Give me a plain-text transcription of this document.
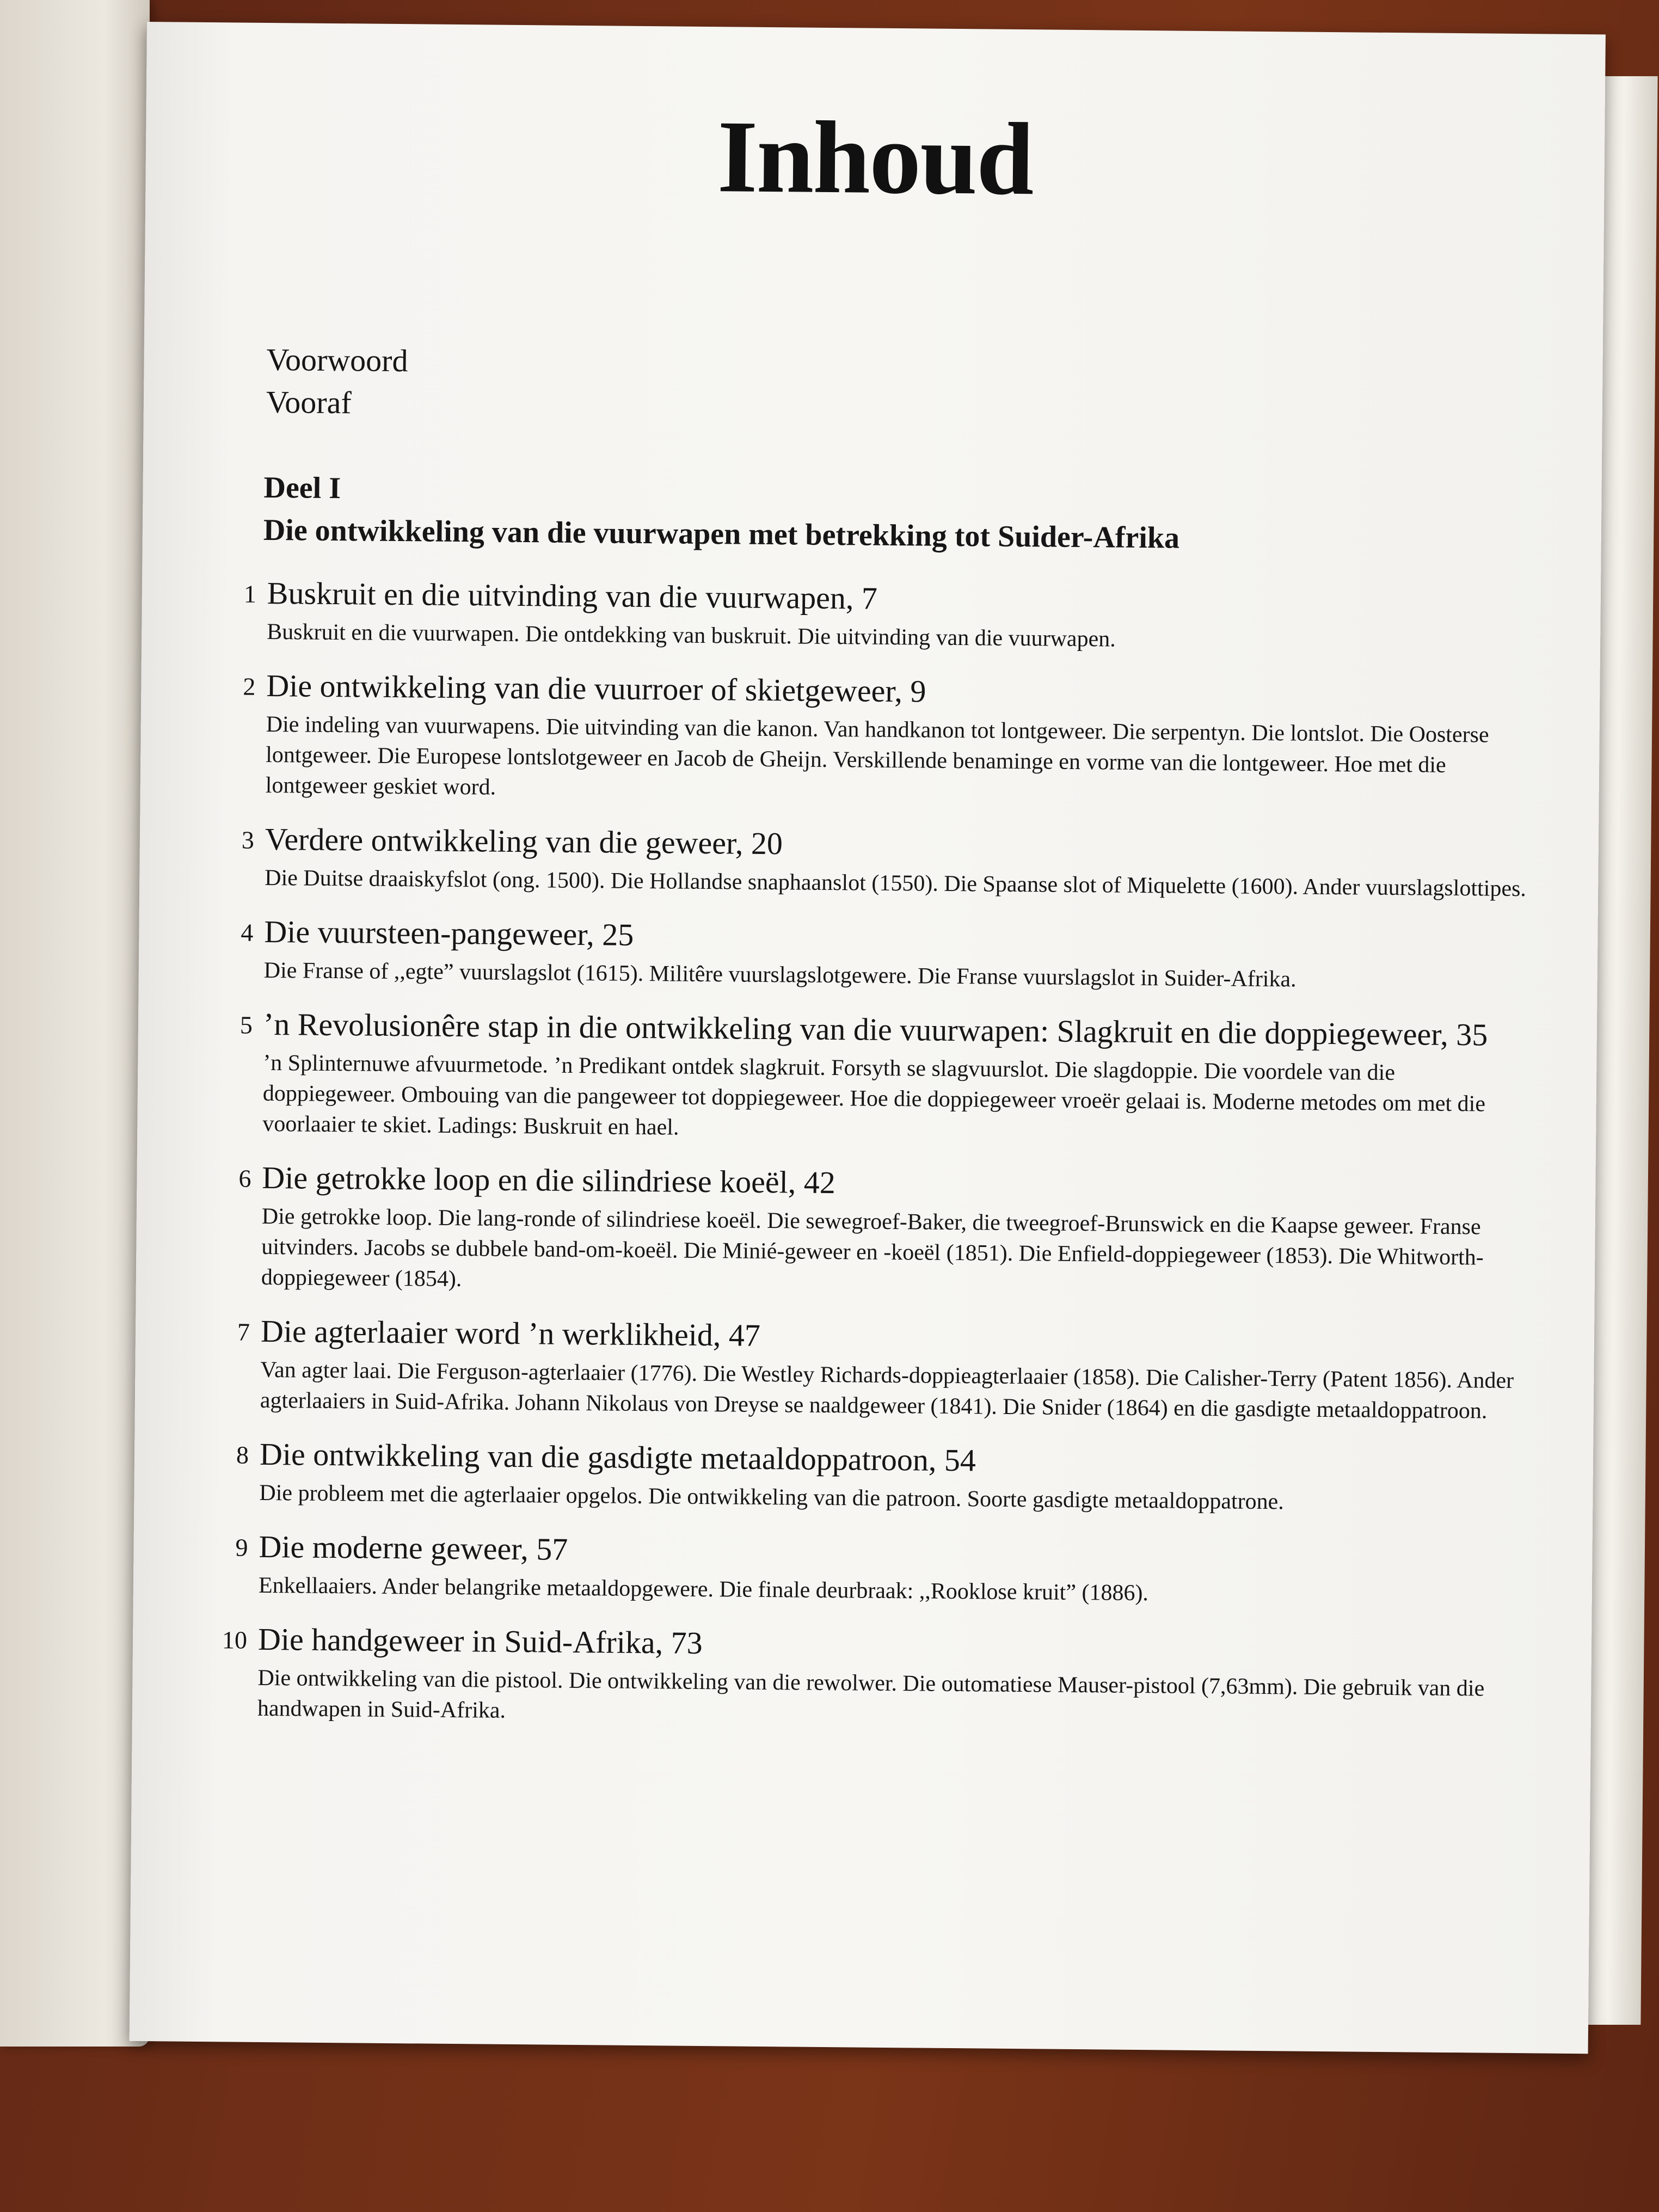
Inhoud
Voorwoord
Vooraf
Deel I
Die ontwikkeling van die vuurwapen met betrekking tot Suider-Afrika
1 Buskruit en die uitvinding van die vuurwapen, 7
Buskruit en die vuurwapen. Die ontdekking van buskruit. Die uitvinding van die vuurwapen.
2 Die ontwikkeling van die vuurroer of skietgeweer, 9
Die indeling van vuurwapens. Die uitvinding van die kanon. Van handkanon tot lontgeweer. Die serpentyn. Die lontslot. Die Oosterse lontgeweer. Die Europese lontslotgeweer en Jacob de Gheijn. Verskillende benaminge en vorme van die lontgeweer. Hoe met die lontgeweer geskiet word.
3 Verdere ontwikkeling van die geweer, 20
Die Duitse draaiskyfslot (ong. 1500). Die Hollandse snaphaanslot (1550). Die Spaanse slot of Miquelette (1600). Ander vuurslagslottipes.
4 Die vuursteen-pangeweer, 25
Die Franse of ,,egte” vuurslagslot (1615). Militêre vuurslagslotgewere. Die Franse vuurslagslot in Suider-Afrika.
5 ’n Revolusionêre stap in die ontwikkeling van die vuurwapen: Slagkruit en die doppiegeweer, 35
’n Splinternuwe afvuurmetode. ’n Predikant ontdek slagkruit. Forsyth se slagvuurslot. Die slagdoppie. Die voordele van die doppiegeweer. Ombouing van die pangeweer tot doppiegeweer. Hoe die doppiegeweer vroeër gelaai is. Moderne metodes om met die voorlaaier te skiet. Ladings: Buskruit en hael.
6 Die getrokke loop en die silindriese koeël, 42
Die getrokke loop. Die lang-ronde of silindriese koeël. Die sewegroef-Baker, die tweegroef-Brunswick en die Kaapse geweer. Franse uitvinders. Jacobs se dubbele band-om-koeël. Die Minié-geweer en -koeël (1851). Die Enfield-doppiegeweer (1853). Die Whitworth-doppiegeweer (1854).
7 Die agterlaaier word ’n werklikheid, 47
Van agter laai. Die Ferguson-agterlaaier (1776). Die Westley Richards-doppieagterlaaier (1858). Die Calisher-Terry (Patent 1856). Ander agterlaaiers in Suid-Afrika. Johann Nikolaus von Dreyse se naaldgeweer (1841). Die Snider (1864) en die gasdigte metaaldoppatroon.
8 Die ontwikkeling van die gasdigte metaaldoppatroon, 54
Die probleem met die agterlaaier opgelos. Die ontwikkeling van die patroon. Soorte gasdigte metaaldoppatrone.
9 Die moderne geweer, 57
Enkellaaiers. Ander belangrike metaaldopgewere. Die finale deurbraak: ,,Rooklose kruit” (1886).
10 Die handgeweer in Suid-Afrika, 73
Die ontwikkeling van die pistool. Die ontwikkeling van die rewolwer. Die outomatiese Mauser-pistool (7,63mm). Die gebruik van die handwapen in Suid-Afrika.
